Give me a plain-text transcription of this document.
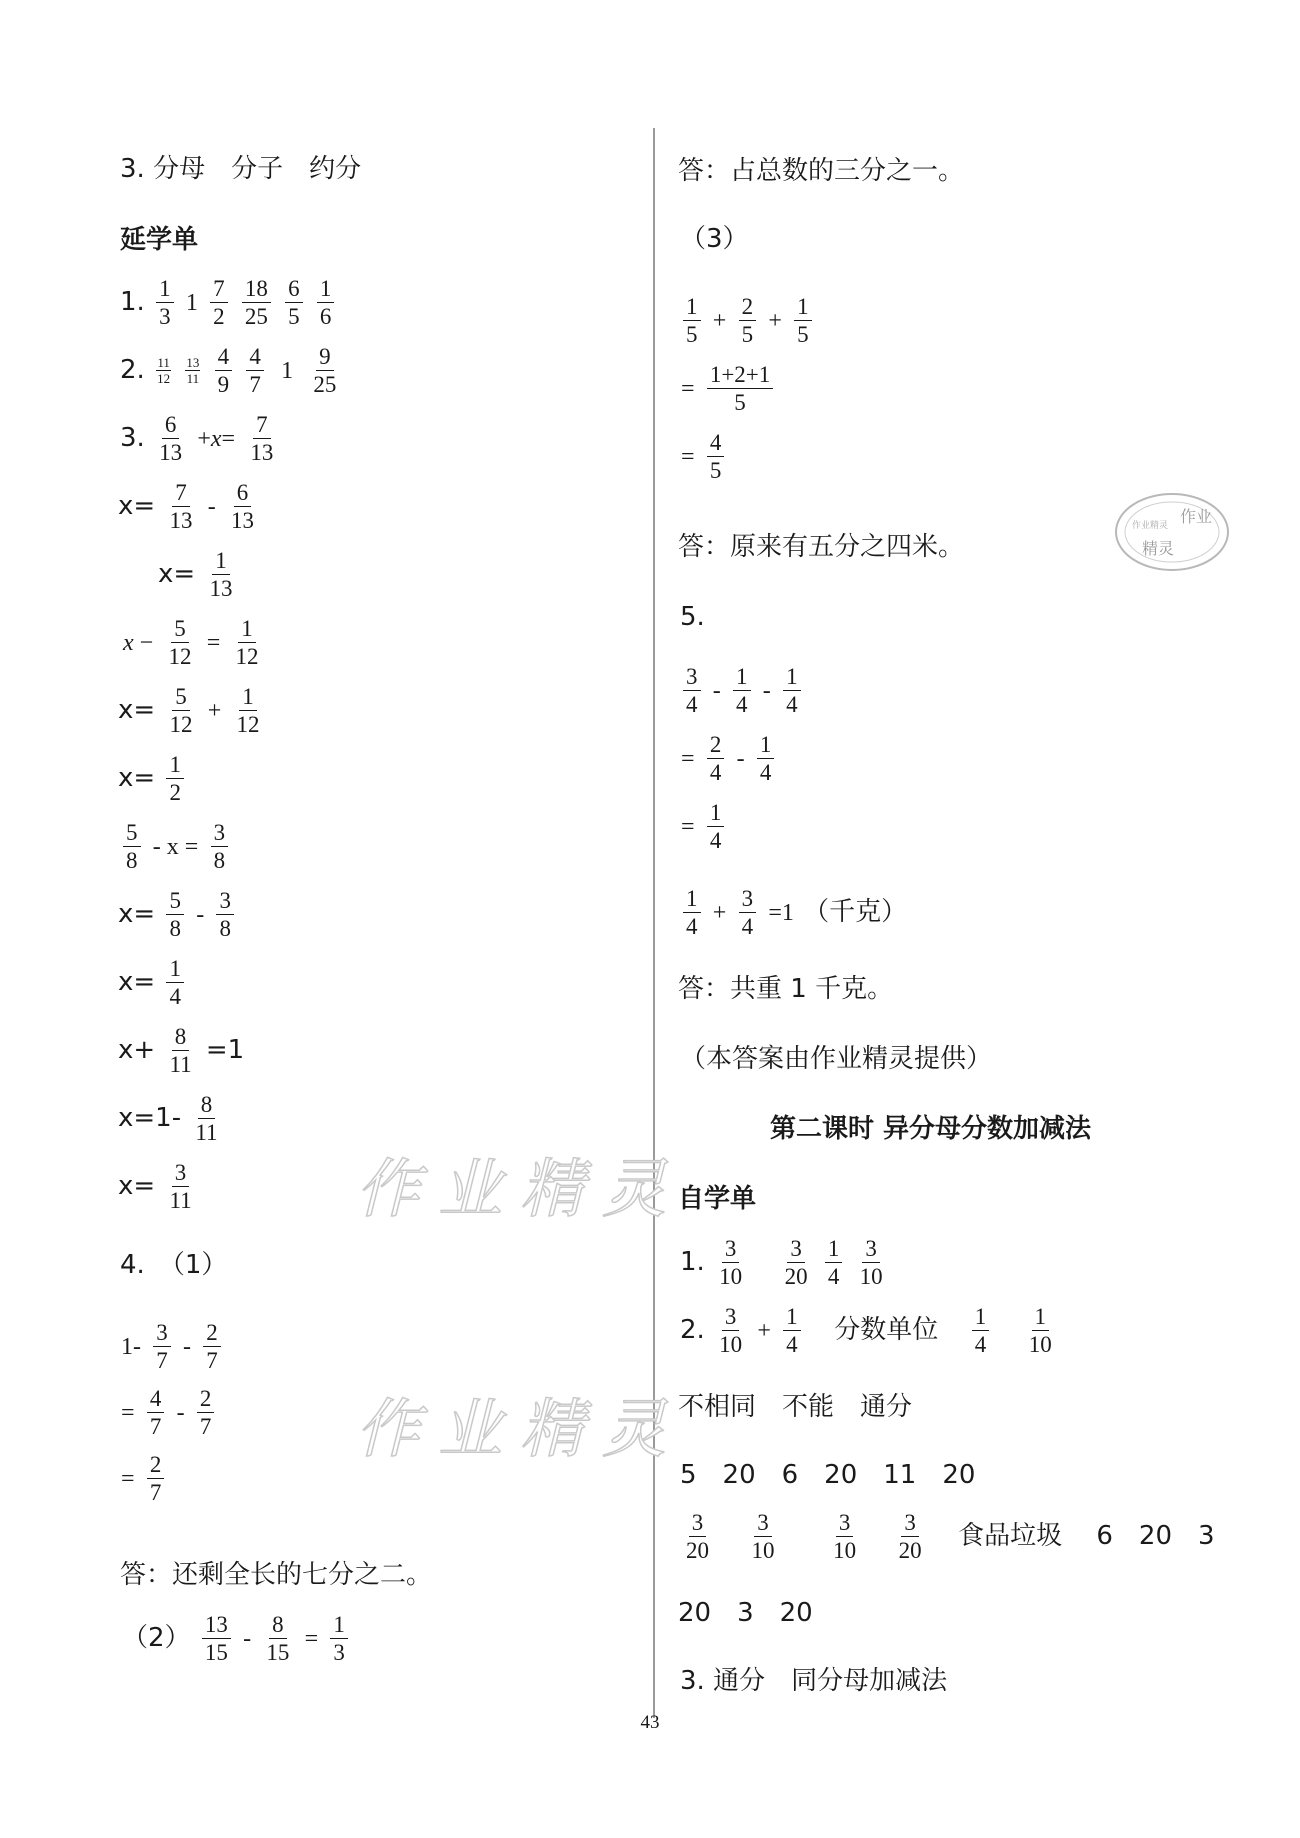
作业精灵
作业精灵
作业
精灵
作业精灵
3. 分母　分子　约分
延学单
1. $\frac{1}{3} 1 \frac{7}{2}$
$\frac{18}{25}$
$\frac{6}{5}$
$\frac{1}{6}$
2. $\frac{11}{12}$
$\frac{13}{11}$
$\frac{4}{9}$
$\frac{4}{7} 1 \frac{9}{25}$
3. $\frac{6}{13} +x= \frac{7}{13}$
$x= \frac{7}{13} - \frac{6}{13}$
$x= \frac{1}{13}$
$x - \frac{5}{12} = \frac{1}{12}$
$x= \frac{5}{12} + \frac{1}{12}$
$x= \frac{1}{2}$
$\frac{5}{8} - x = \frac{3}{8}$
$x= \frac{5}{8} - \frac{3}{8}$
$x= \frac{1}{4}$
$x+ \frac{8}{11} =1$
$x=1- \frac{8}{11}$
$x= \frac{3}{11}$
4. （1）
$1- \frac{3}{7} - \frac{2}{7}$
= $\frac{4}{7} - \frac{2}{7}$
= $\frac{2}{7}$
答：还剩全长的七分之二。
$(2) \frac{13}{15} - \frac{8}{15} = \frac{1}{3}$
答：占总数的三分之一。
（3）
$\frac{1}{5} + \frac{2}{5} + \frac{1}{5}$
= $\frac{1+2+1}{5}$
= $\frac{4}{5}$
答：原来有五分之四米。
5.
$\frac{3}{4} - \frac{1}{4} - \frac{1}{4}$
= $\frac{2}{4} - \frac{1}{4}$
= $\frac{1}{4}$
$\frac{1}{4} + \frac{3}{4} =1$ （千克）
答：共重 1 千克。
（本答案由作业精灵提供）
第二课时 异分母分数加减法
自学单
1. $\frac{3}{10}$
$\frac{3}{20}$
$\frac{1}{4}$
$\frac{3}{10}$
2. $\frac{3}{10} + \frac{1}{4}$ 分数单位 $\frac{1}{4}$
$\frac{1}{10}$
不相同　不能　通分
5　20　6　20　11　20
$\frac{3}{20}$
$\frac{3}{10}$
$\frac{3}{10}$
$\frac{3}{20}$ 食品垃圾　 6　20　3
20　3　20
3. 通分　同分母加减法
43
